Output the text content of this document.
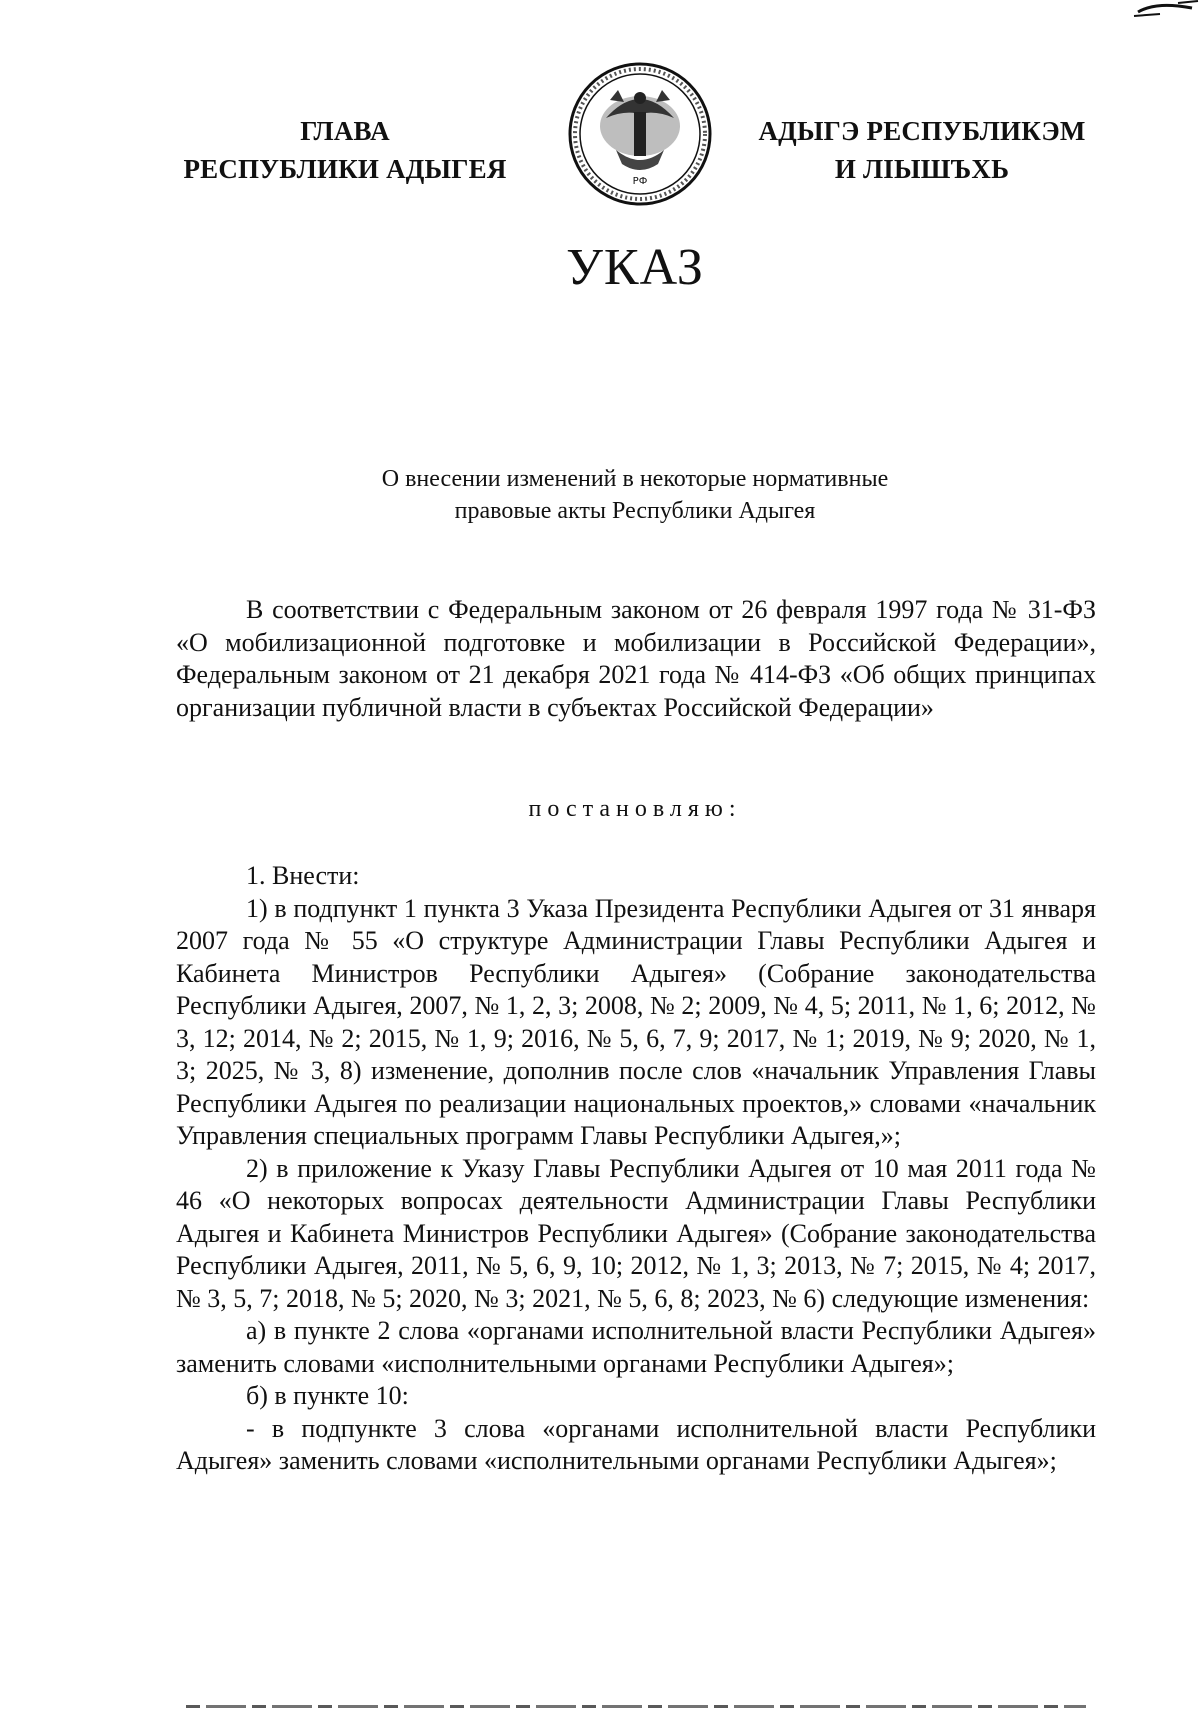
ГЛАВА
РЕСПУБЛИКИ АДЫГЕЯ	РФ
АДЫГЭ РЕСПУБЛИКЭМ
И ЛІЫШЪХЬ
УКАЗ
О внесении изменений в некоторые нормативные
правовые акты Республики Адыгея

В соответствии с Федеральным законом от 26 февраля 1997 года № 31-ФЗ «О мобилизационной подготовке и мобилизации в Российской Федерации», Федеральным законом от 21 декабря 2021 года № 414-ФЗ «Об общих принципах организации публичной власти в субъектах Российской Федерации»

постановляю:

1. Внести:

1) в подпункт 1 пункта 3 Указа Президента Республики Адыгея от 31 января 2007 года № 55 «О структуре Администрации Главы Республики Адыгея и Кабинета Министров Республики Адыгея» (Собрание законодательства Республики Адыгея, 2007, № 1, 2, 3; 2008, № 2; 2009, № 4, 5; 2011, № 1, 6; 2012, № 3, 12; 2014, № 2; 2015, № 1, 9; 2016, № 5, 6, 7, 9; 2017, № 1; 2019, № 9; 2020, № 1, 3; 2025, № 3, 8) изменение, дополнив после слов «начальник Управления Главы Республики Адыгея по реализации национальных проектов,» словами «начальник Управления специальных программ Главы Республики Адыгея,»;

2) в приложение к Указу Главы Республики Адыгея от 10 мая 2011 года № 46 «О некоторых вопросах деятельности Администрации Главы Республики Адыгея и Кабинета Министров Республики Адыгея» (Собрание законодательства Республики Адыгея, 2011, № 5, 6, 9, 10; 2012, № 1, 3; 2013, № 7; 2015, № 4; 2017, № 3, 5, 7; 2018, № 5; 2020, № 3; 2021, № 5, 6, 8; 2023, № 6) следующие изменения:

а) в пункте 2 слова «органами исполнительной власти Республики Адыгея» заменить словами «исполнительными органами Республики Адыгея»;

б) в пункте 10:

- в подпункте 3 слова «органами исполнительной власти Республики Адыгея» заменить словами «исполнительными органами Республики Адыгея»;
